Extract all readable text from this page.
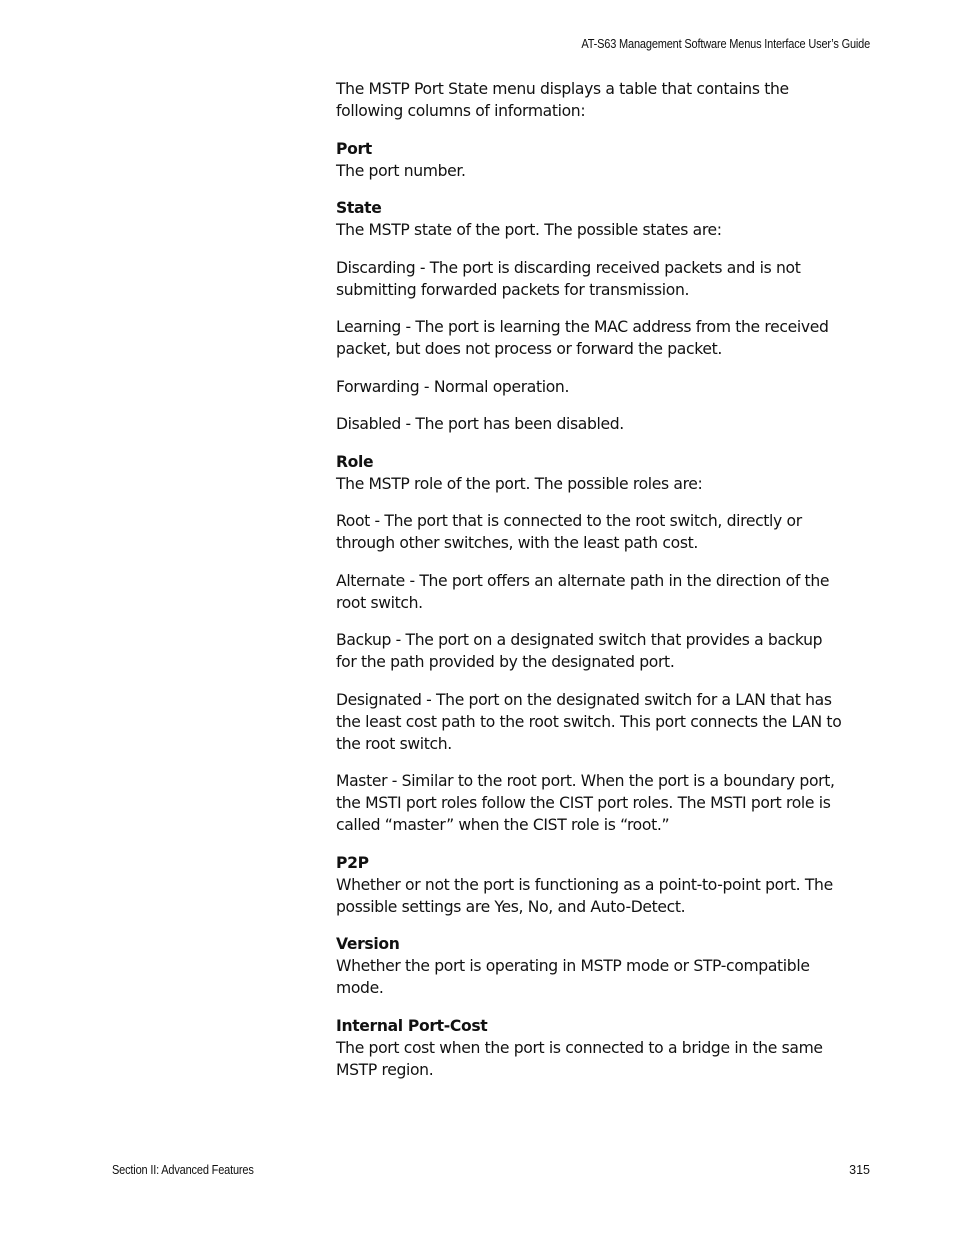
AT-S63 Management Software Menus Interface User’s Guide

The MSTP Port State menu displays a table that contains the following columns of information:

Port

The port number.

State

The MSTP state of the port. The possible states are:

Discarding - The port is discarding received packets and is not submitting forwarded packets for transmission.

Learning - The port is learning the MAC address from the received packet, but does not process or forward the packet.

Forwarding - Normal operation.

Disabled - The port has been disabled.

Role

The MSTP role of the port. The possible roles are:

Root - The port that is connected to the root switch, directly or through other switches, with the least path cost.

Alternate - The port offers an alternate path in the direction of the root switch.

Backup - The port on a designated switch that provides a backup for the path provided by the designated port.

Designated - The port on the designated switch for a LAN that has the least cost path to the root switch. This port connects the LAN to the root switch.

Master - Similar to the root port. When the port is a boundary port, the MSTI port roles follow the CIST port roles. The MSTI port role is called “master” when the CIST role is “root.”

P2P

Whether or not the port is functioning as a point-to-point port. The possible settings are Yes, No, and Auto-Detect.

Version

Whether the port is operating in MSTP mode or STP-compatible mode.

Internal Port-Cost

The port cost when the port is connected to a bridge in the same MSTP region.

Section II: Advanced Features	315
